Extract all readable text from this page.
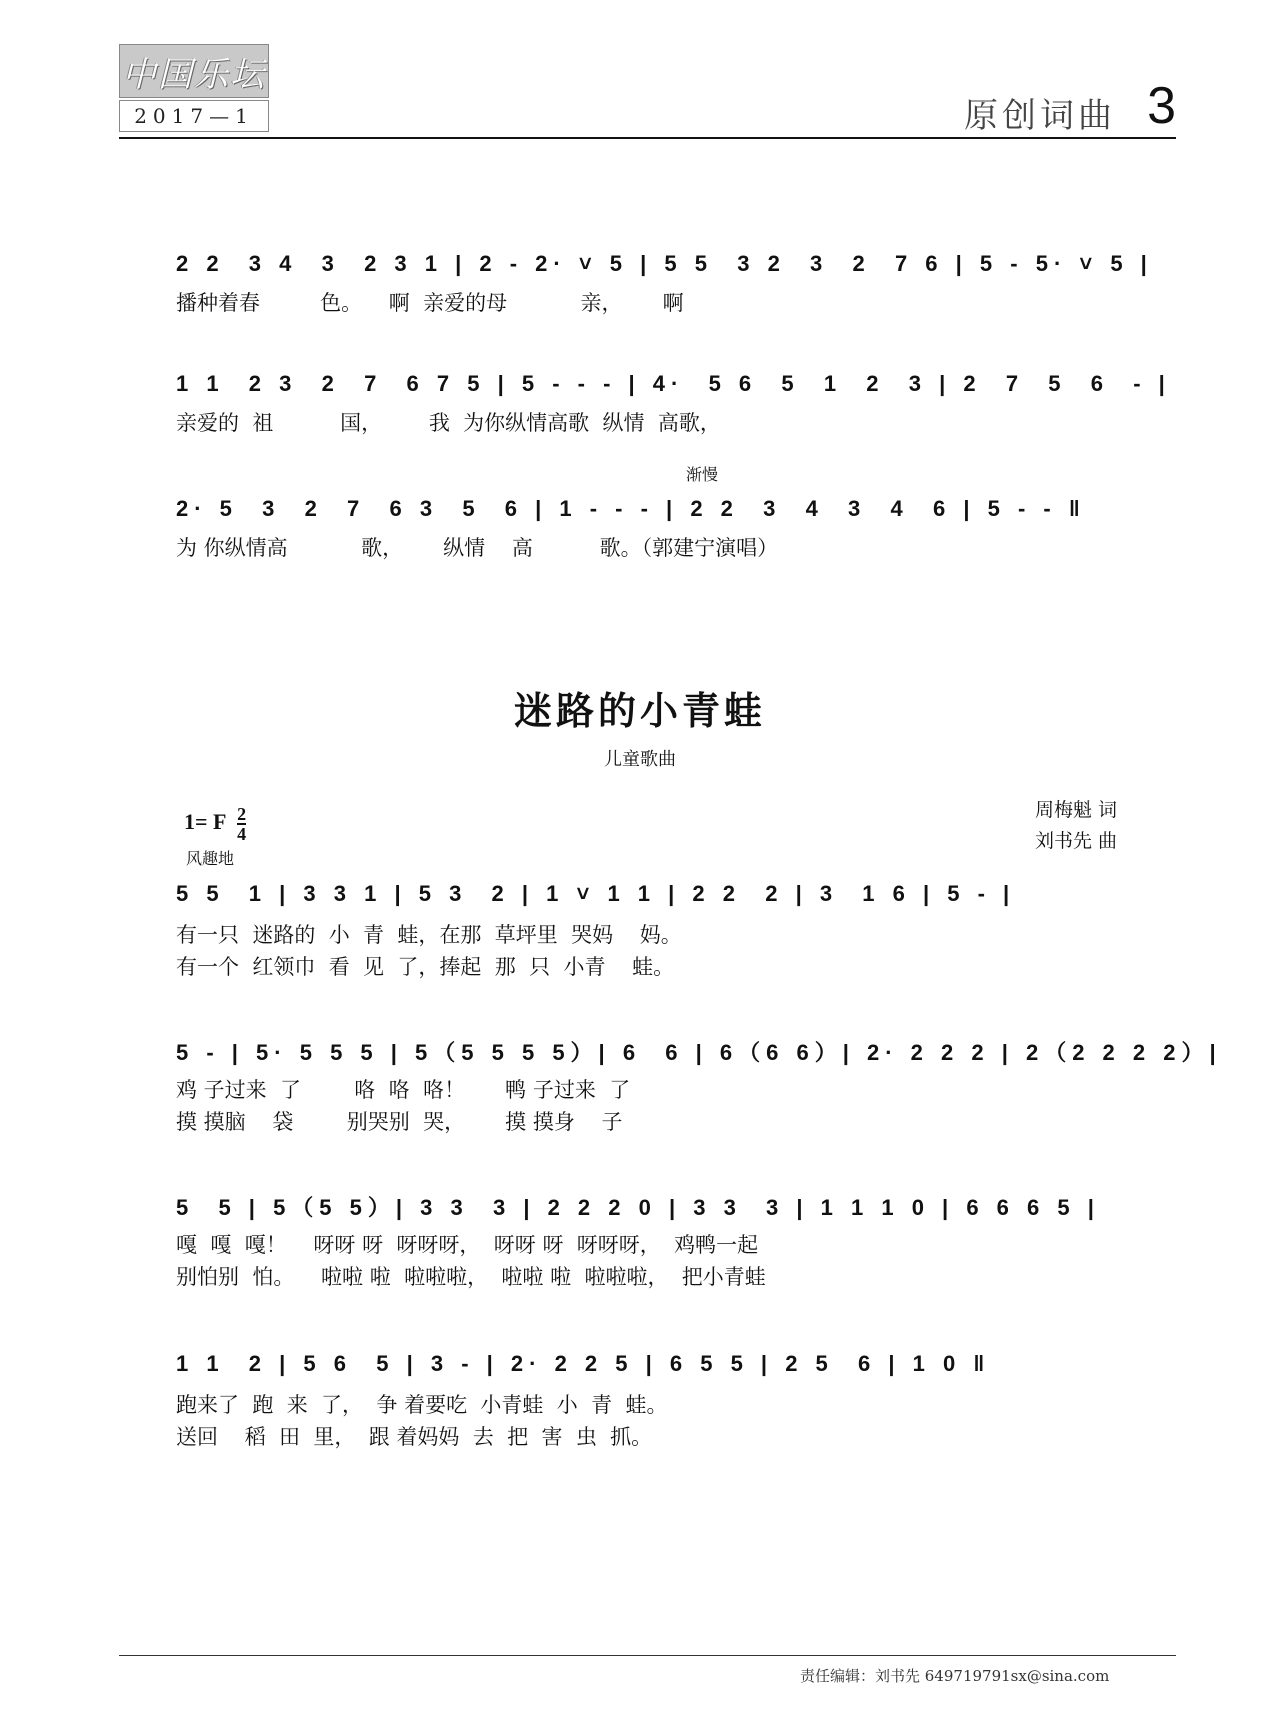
中国乐坛
2017—1	原创词曲 3
2 2  3 4  3  2 3 1 | 2 - 2· ˅ 5 | 5 5  3 2  3  2  7 6 | 5 - 5· ˅ 5 |
播种着春         色。    啊  亲爱的母           亲，      啊
1 1  2 3  2  7  6 7 5 | 5 - - - | 4·  5 6  5  1  2  3 | 2  7  5  6  - |
亲爱的  祖          国，       我  为你纵情高歌  纵情  高歌，
渐慢
2· 5  3  2  7  6 3  5  6 | 1 - - - | 2 2  3  4  3  4  6 | 5 - - ‖
为 你纵情高           歌，      纵情    高          歌。（郭建宁演唱）
迷路的小青蛙
儿童歌曲
1= F $\frac{2}{4}$
风趣地
周梅魁 词
刘书先 曲
5 5  1 | 3 3 1 | 5 3  2 | 1 ˅ 1 1 | 2 2  2 | 3  1 6 | 5 - |
有一只  迷路的  小  青  蛙，在那  草坪里  哭妈    妈。
有一个  红领巾  看  见  了，捧起  那  只  小青    蛙。
5 - | 5· 5 5 5 | 5（5 5 5 5）| 6  6 | 6（6 6）| 2· 2 2 2 | 2（2 2 2 2）|
鸡 子过来  了        咯  咯  咯！      鸭 子过来  了
摸 摸脑    袋        别哭别  哭，      摸 摸身    子
5  5 | 5（5 5）| 3 3  3 | 2 2 2 0 | 3 3  3 | 1 1 1 0 | 6 6 6 5 |
嘎  嘎  嘎！    呀呀 呀  呀呀呀，  呀呀 呀  呀呀呀，  鸡鸭一起
别怕别  怕。    啦啦 啦  啦啦啦，  啦啦 啦  啦啦啦，  把小青蛙
1 1  2 | 5 6  5 | 3 - | 2· 2 2 5 | 6 5 5 | 2 5  6 | 1 0 ‖
跑来了  跑  来  了，  争 着要吃  小青蛙  小  青  蛙。
送回    稻  田  里，  跟 着妈妈  去  把  害  虫  抓。
责任编辑：刘书先 649719791sx@sina.com
